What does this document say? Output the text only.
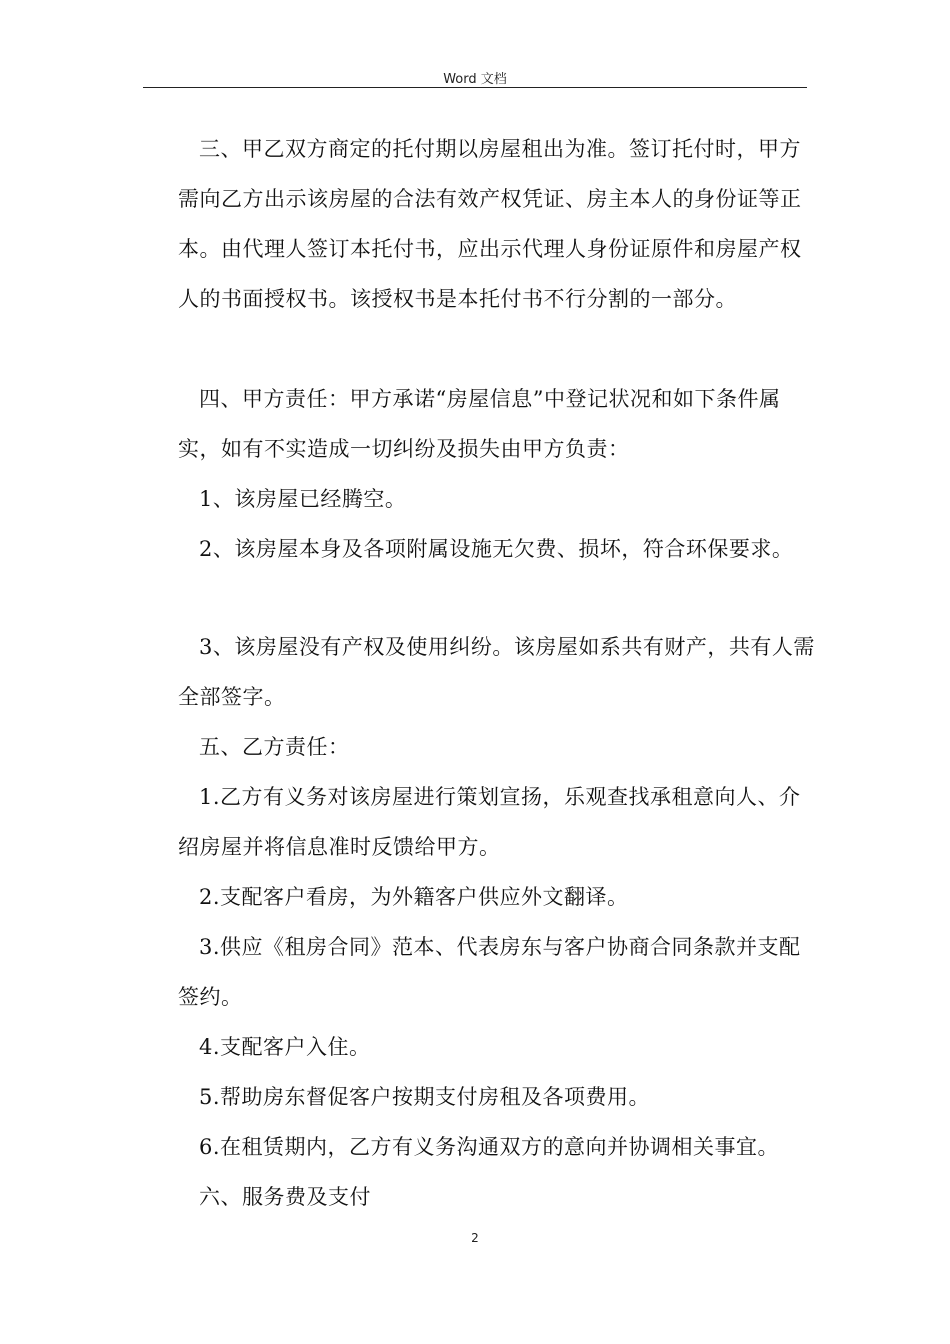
Word 文档

三、甲乙双方商定的托付期以房屋租出为准。签订托付时，甲方需向乙方出示该房屋的合法有效产权凭证、房主本人的身份证等正本。由代理人签订本托付书，应出示代理人身份证原件和房屋产权人的书面授权书。该授权书是本托付书不行分割的一部分。

四、甲方责任：甲方承诺“房屋信息”中登记状况和如下条件属实，如有不实造成一切纠纷及损失由甲方负责：

1、该房屋已经腾空。

2、该房屋本身及各项附属设施无欠费、损坏，符合环保要求。

3、该房屋没有产权及使用纠纷。该房屋如系共有财产，共有人需全部签字。

五、乙方责任：

1.乙方有义务对该房屋进行策划宣扬，乐观查找承租意向人、介绍房屋并将信息准时反馈给甲方。

2.支配客户看房，为外籍客户供应外文翻译。

3.供应《租房合同》范本、代表房东与客户协商合同条款并支配签约。

4.支配客户入住。

5.帮助房东督促客户按期支付房租及各项费用。

6.在租赁期内，乙方有义务沟通双方的意向并协调相关事宜。

六、服务费及支付

2
